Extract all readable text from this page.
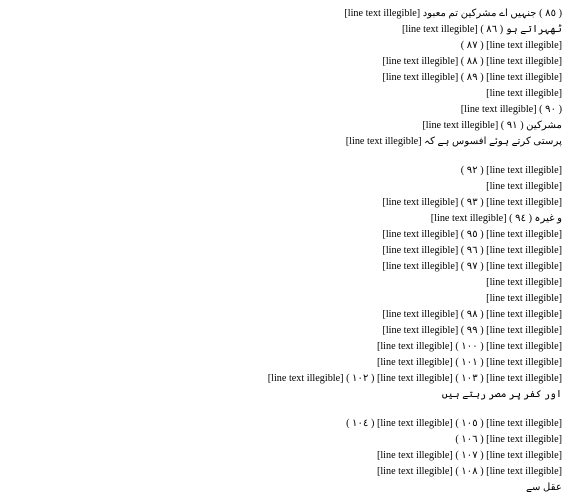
( ٨٥ ) جنہیں اے مشرکین تم معبود [line text illegible]
ٹھہراتے ہو ( ٨٦ ) [line text illegible]
( ٨٧ ) [line text illegible]
[line text illegible] ( ٨٨ ) [line text illegible]
[line text illegible] ( ٨٩ ) [line text illegible]
[line text illegible]
[line text illegible] ( ٩٠ )
مشرکین ( ٩١ ) [line text illegible]
پرستی کرتے ہوئے افسوس ہے کہ [line text illegible]
( ٩٢ ) [line text illegible]
[line text illegible]
[line text illegible] ( ٩٣ ) [line text illegible]
و غیرہ ( ٩٤ ) [line text illegible]
[line text illegible] ( ٩٥ ) [line text illegible]
[line text illegible] ( ٩٦ ) [line text illegible]
[line text illegible] ( ٩٧ ) [line text illegible]
[line text illegible]
[line text illegible]
[line text illegible] ( ٩٨ ) [line text illegible]
[line text illegible] ( ٩٩ ) [line text illegible]
[line text illegible] ( ١٠٠ ) [line text illegible]
[line text illegible] ( ١٠١ ) [line text illegible]
[line text illegible] ( ١٠٢ ) [line text illegible] ( ١٠٣ ) [line text illegible]
اور کفر پر مصر رہتے ہیں
( ١٠٤ ) [line text illegible] ( ١٠٥ ) [line text illegible]
( ١٠٦ ) [line text illegible]
[line text illegible] ( ١٠٧ ) [line text illegible]
[line text illegible] ( ١٠٨ ) [line text illegible]
عقل سے
